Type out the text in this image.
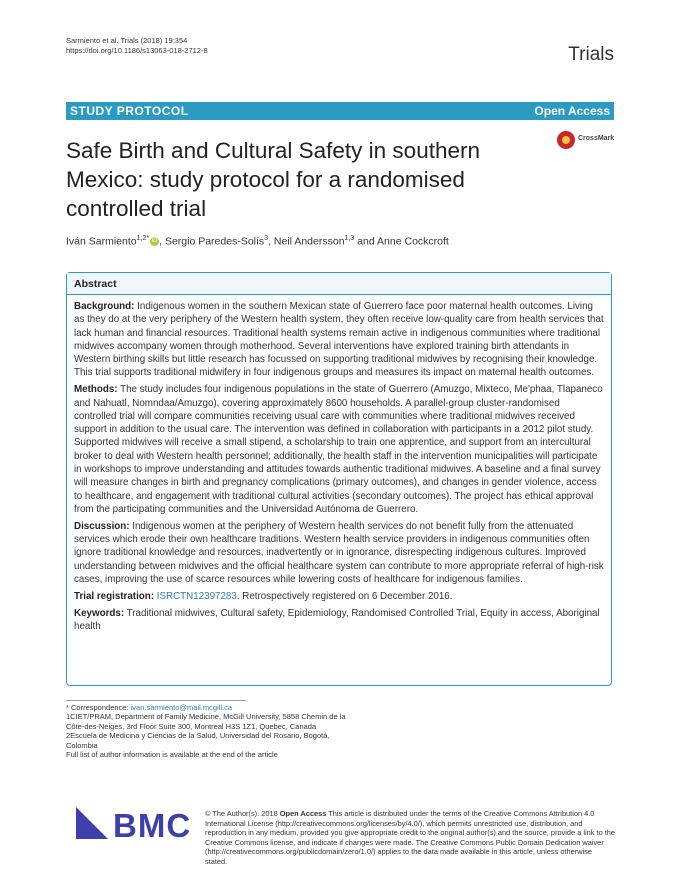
Sarmiento et al. Trials (2018) 19:354
https://doi.org/10.1186/s13063-018-2712-8	Trials
STUDY PROTOCOL	Open Access
CrossMark
Safe Birth and Cultural Safety in southern Mexico: study protocol for a randomised controlled trial
Iván Sarmiento$^{1,2*}$ iD , Sergio Paredes-Solís$^3$, Neil Andersson$^{1,3}$ and Anne Cockcroft
Abstract

Background: Indigenous women in the southern Mexican state of Guerrero face poor maternal health outcomes. Living as they do at the very periphery of the Western health system, they often receive low-quality care from health services that lack human and financial resources. Traditional health systems remain active in indigenous communities where traditional midwives accompany women through motherhood. Several interventions have explored training birth attendants in Western birthing skills but little research has focussed on supporting traditional midwives by recognising their knowledge. This trial supports traditional midwifery in four indigenous groups and measures its impact on maternal health outcomes.

Methods: The study includes four indigenous populations in the state of Guerrero (Amuzgo, Mixteco, Me'phaa, Tlapaneco and Nahuatl, Nomndaa/Amuzgo), covering approximately 8600 households. A parallel-group cluster-randomised controlled trial will compare communities receiving usual care with communities where traditional midwives received support in addition to the usual care. The intervention was defined in collaboration with participants in a 2012 pilot study. Supported midwives will receive a small stipend, a scholarship to train one apprentice, and support from an intercultural broker to deal with Western health personnel; additionally, the health staff in the intervention municipalities will participate in workshops to improve understanding and attitudes towards authentic traditional midwives. A baseline and a final survey will measure changes in birth and pregnancy complications (primary outcomes), and changes in gender violence, access to healthcare, and engagement with traditional cultural activities (secondary outcomes). The project has ethical approval from the participating communities and the Universidad Autónoma de Guerrero.

Discussion: Indigenous women at the periphery of Western health services do not benefit fully from the attenuated services which erode their own healthcare traditions. Western health service providers in indigenous communities often ignore traditional knowledge and resources, inadvertently or in ignorance, disrespecting indigenous cultures. Improved understanding between midwives and the official healthcare system can contribute to more appropriate referral of high-risk cases, improving the use of scarce resources while lowering costs of healthcare for indigenous families.

Trial registration: ISRCTN12397283. Retrospectively registered on 6 December 2016.

Keywords: Traditional midwives, Cultural safety, Epidemiology, Randomised Controlled Trial, Equity in access, Aboriginal health

* Correspondence: ivan.sarmiento@mail.mcgill.ca
1CIET/PRAM, Department of Family Medicine, McGill University, 5858 Chemin de la Côte-des-Neiges, 3rd Floor Suite 300, Montreal H3S 1Z1, Quebec, Canada
2Escuela de Medicina y Ciencias de la Salud, Universidad del Rosario, Bogotá, Colombia
Full list of author information is available at the end of the article
BMC © The Author(s). 2018 Open Access This article is distributed under the terms of the Creative Commons Attribution 4.0 International License (http://creativecommons.org/licenses/by/4.0/), which permits unrestricted use, distribution, and reproduction in any medium, provided you give appropriate credit to the original author(s) and the source, provide a link to the Creative Commons license, and indicate if changes were made. The Creative Commons Public Domain Dedication waiver (http://creativecommons.org/publicdomain/zero/1.0/) applies to the data made available in this article, unless otherwise stated.
